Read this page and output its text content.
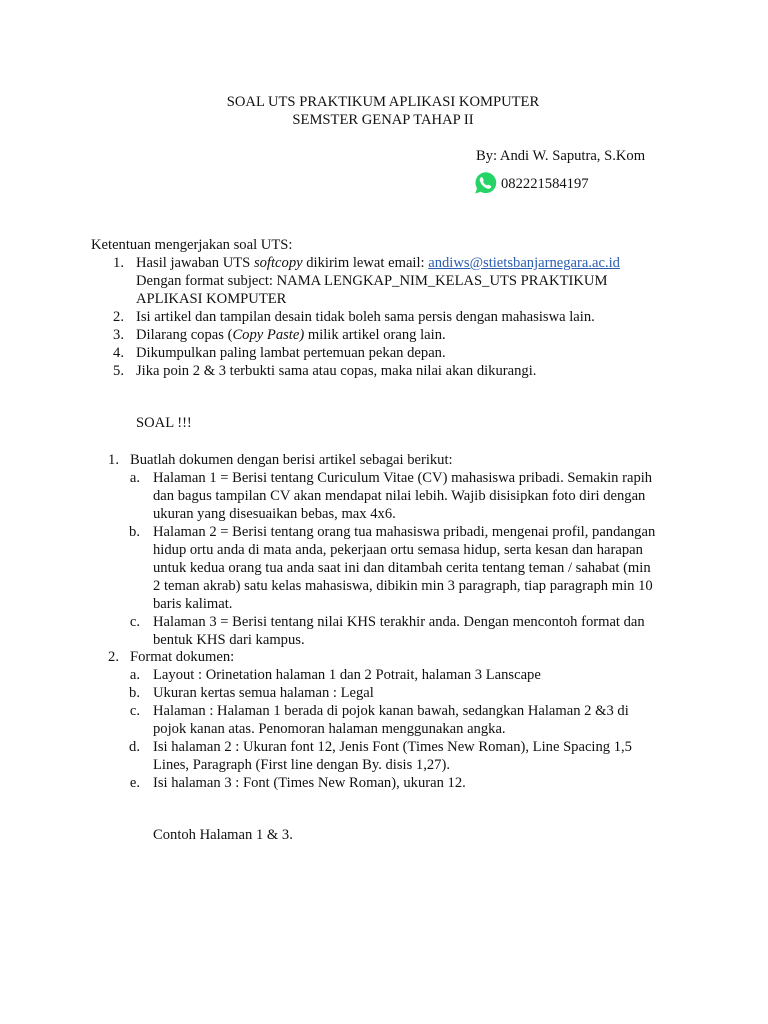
SOAL UTS PRAKTIKUM APLIKASI KOMPUTER
SEMSTER GENAP TAHAP II
By: Andi W. Saputra, S.Kom
082221584197
Ketentuan mengerjakan soal UTS:
1. Hasil jawaban UTS softcopy dikirim lewat email: andiws@stietsbanjarnegara.ac.id
Dengan format subject: NAMA LENGKAP_NIM_KELAS_UTS PRAKTIKUM
APLIKASI KOMPUTER
2. Isi artikel dan tampilan desain tidak boleh sama persis dengan mahasiswa lain.
3. Dilarang copas (Copy Paste) milik artikel orang lain.
4. Dikumpulkan paling lambat pertemuan pekan depan.
5. Jika poin 2 & 3 terbukti sama atau copas, maka nilai akan dikurangi.
SOAL !!!
1. Buatlah dokumen dengan berisi artikel sebagai berikut:
a. Halaman 1 = Berisi tentang Curiculum Vitae (CV) mahasiswa pribadi. Semakin rapih
dan bagus tampilan CV akan mendapat nilai lebih. Wajib disisipkan foto diri dengan
ukuran yang disesuaikan bebas, max 4x6.
b. Halaman 2 = Berisi tentang orang tua mahasiswa pribadi, mengenai profil, pandangan
hidup ortu anda di mata anda, pekerjaan ortu semasa hidup, serta kesan dan harapan
untuk kedua orang tua anda saat ini dan ditambah cerita tentang teman / sahabat (min
2 teman akrab) satu kelas mahasiswa, dibikin min 3 paragraph, tiap paragraph min 10
baris kalimat.
c. Halaman 3 = Berisi tentang nilai KHS terakhir anda. Dengan mencontoh format dan
bentuk KHS dari kampus.
2. Format dokumen:
a. Layout : Orinetation halaman 1 dan 2 Potrait, halaman 3 Lanscape
b. Ukuran kertas semua halaman : Legal
c. Halaman : Halaman 1 berada di pojok kanan bawah, sedangkan Halaman 2 &3 di
pojok kanan atas. Penomoran halaman menggunakan angka.
d. Isi halaman 2 : Ukuran font 12, Jenis Font (Times New Roman), Line Spacing 1,5
Lines, Paragraph (First line dengan By. disis 1,27).
e. Isi halaman 3 : Font (Times New Roman), ukuran 12.
Contoh Halaman 1 & 3.
